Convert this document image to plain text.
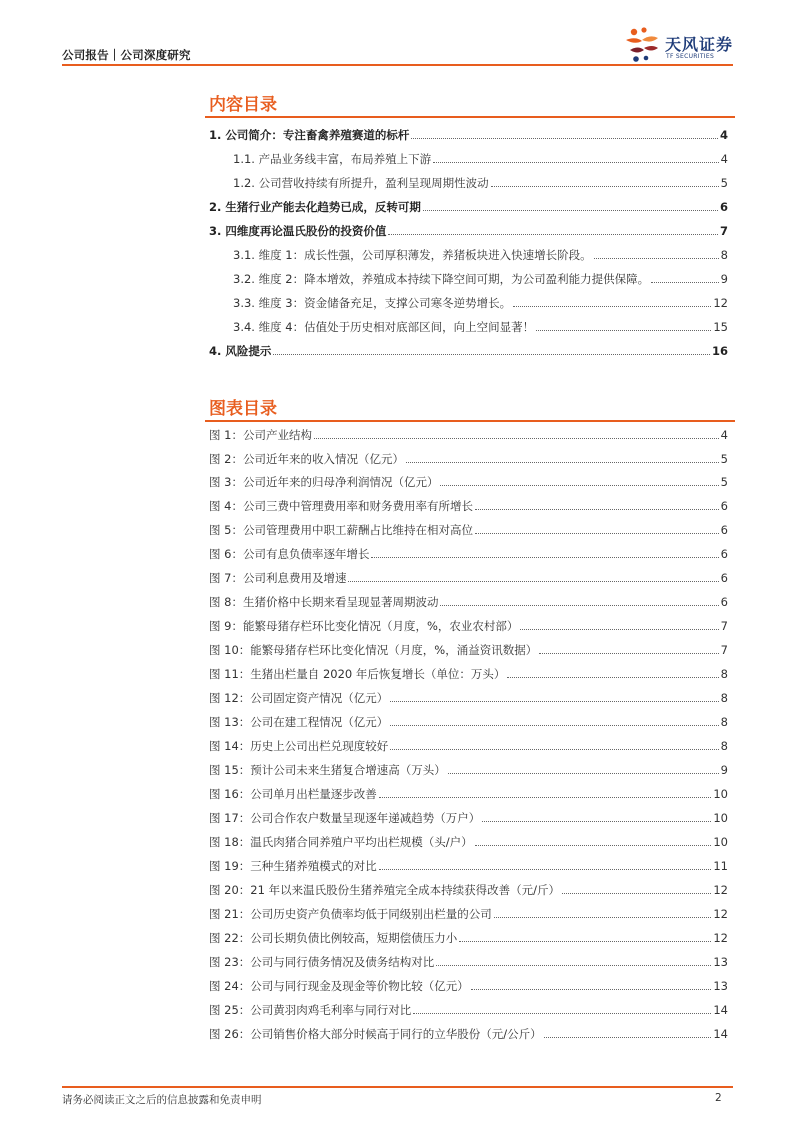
公司报告｜公司深度研究
天风证券
TF SECURITIES
内容目录
1. 公司简介：专注畜禽养殖赛道的标杆	4
1.1. 产品业务线丰富，布局养殖上下游	4
1.2. 公司营收持续有所提升，盈利呈现周期性波动	5
2. 生猪行业产能去化趋势已成，反转可期	6
3. 四维度再论温氏股份的投资价值	7
3.1. 维度 1：成长性强，公司厚积薄发，养猪板块进入快速增长阶段。	8
3.2. 维度 2：降本增效，养殖成本持续下降空间可期，为公司盈利能力提供保障。	9
3.3. 维度 3：资金储备充足，支撑公司寒冬逆势增长。	12
3.4. 维度 4：估值处于历史相对底部区间，向上空间显著！	15
4. 风险提示	16
图表目录
图 1：公司产业结构	4
图 2：公司近年来的收入情况（亿元）	5
图 3：公司近年来的归母净利润情况（亿元）	5
图 4：公司三费中管理费用率和财务费用率有所增长	6
图 5：公司管理费用中职工薪酬占比维持在相对高位	6
图 6：公司有息负债率逐年增长	6
图 7：公司利息费用及增速	6
图 8：生猪价格中长期来看呈现显著周期波动	6
图 9：能繁母猪存栏环比变化情况（月度，%，农业农村部）	7
图 10：能繁母猪存栏环比变化情况（月度，%，涌益资讯数据）	7
图 11：生猪出栏量自 2020 年后恢复增长（单位：万头）	8
图 12：公司固定资产情况（亿元）	8
图 13：公司在建工程情况（亿元）	8
图 14：历史上公司出栏兑现度较好	8
图 15：预计公司未来生猪复合增速高（万头）	9
图 16：公司单月出栏量逐步改善	10
图 17：公司合作农户数量呈现逐年递减趋势（万户）	10
图 18：温氏肉猪合同养殖户平均出栏规模（头/户）	10
图 19：三种生猪养殖模式的对比	11
图 20：21 年以来温氏股份生猪养殖完全成本持续获得改善（元/斤）	12
图 21：公司历史资产负债率均低于同级别出栏量的公司	12
图 22：公司长期负债比例较高，短期偿债压力小	12
图 23：公司与同行债务情况及债务结构对比	13
图 24：公司与同行现金及现金等价物比较（亿元）	13
图 25：公司黄羽肉鸡毛利率与同行对比	14
图 26：公司销售价格大部分时候高于同行的立华股份（元/公斤）	14
请务必阅读正文之后的信息披露和免责申明	2
